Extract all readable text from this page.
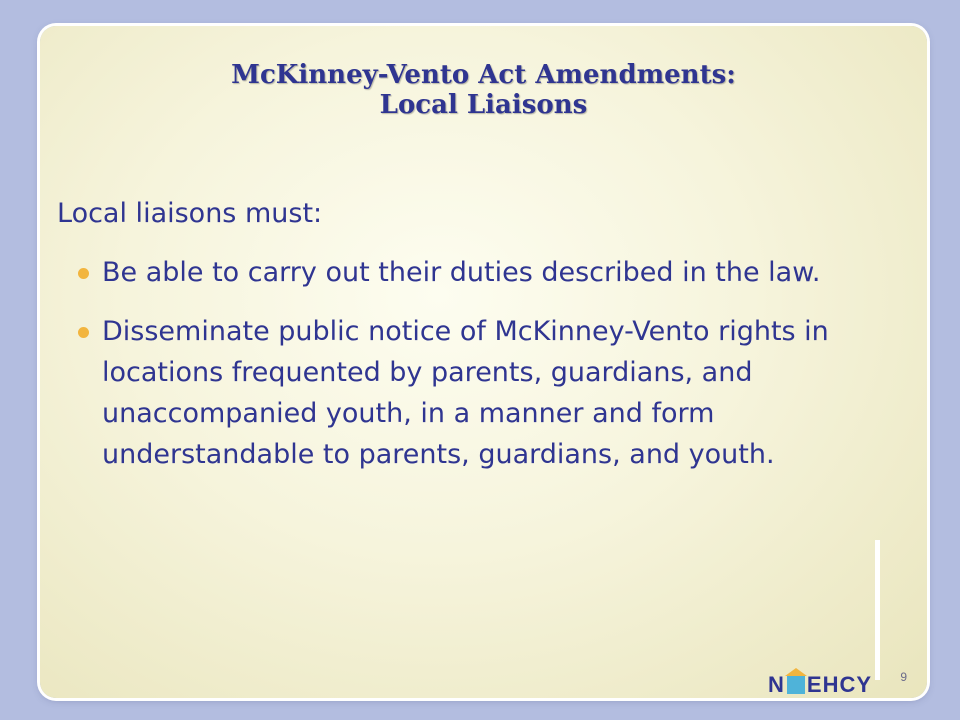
McKinney-Vento Act Amendments:
Local Liaisons

Local liaisons must:

Be able to carry out their duties described in the law.
Disseminate public notice of McKinney-Vento rights in locations frequented by parents, guardians, and unaccompanied youth, in a manner and form understandable to parents, guardians, and youth.
9
N EHCY
